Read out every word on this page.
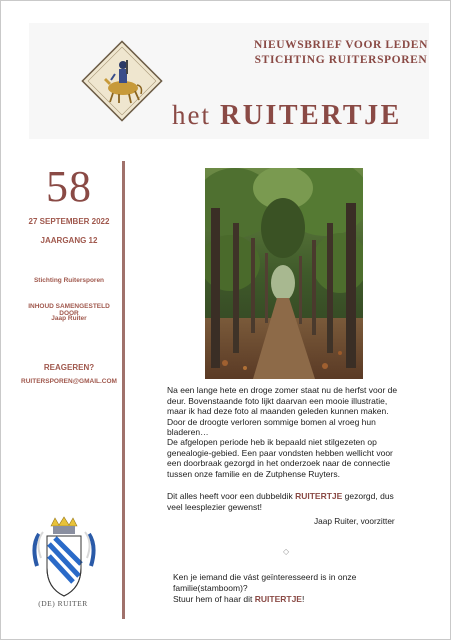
NIEUWSBRIEF VOOR LEDEN
STICHTING RUITERSPOREN
het RUITERTJE
58
27 SEPTEMBER 2022
JAARGANG 12
Stichting Ruitersporen
INHOUD SAMENGESTELD DOOR
Jaap Ruiter
REAGEREN?
RUITERSPOREN@GMAIL.COM
Na een lange hete en droge zomer staat nu de herfst voor de deur. Bovenstaande foto lijkt daarvan een mooie illustratie, maar ik had deze foto al maanden geleden kunnen maken. Door de droogte verloren sommige bomen al vroeg hun bladeren…
De afgelopen periode heb ik bepaald niet stilgezeten op genealogie-gebied. Een paar vondsten hebben wellicht voor een doorbraak gezorgd in het onderzoek naar de connectie tussen onze familie en de Zutphense Ruyters.
Dit alles heeft voor een dubbeldik RUITERTJE gezorgd, dus veel leesplezier gewenst!
Jaap Ruiter, voorzitter
◇
Ken je iemand die vást geïnteresseerd is in onze familie(stamboom)?
Stuur hem of haar dit RUITERTJE!
(DE) RUITER
